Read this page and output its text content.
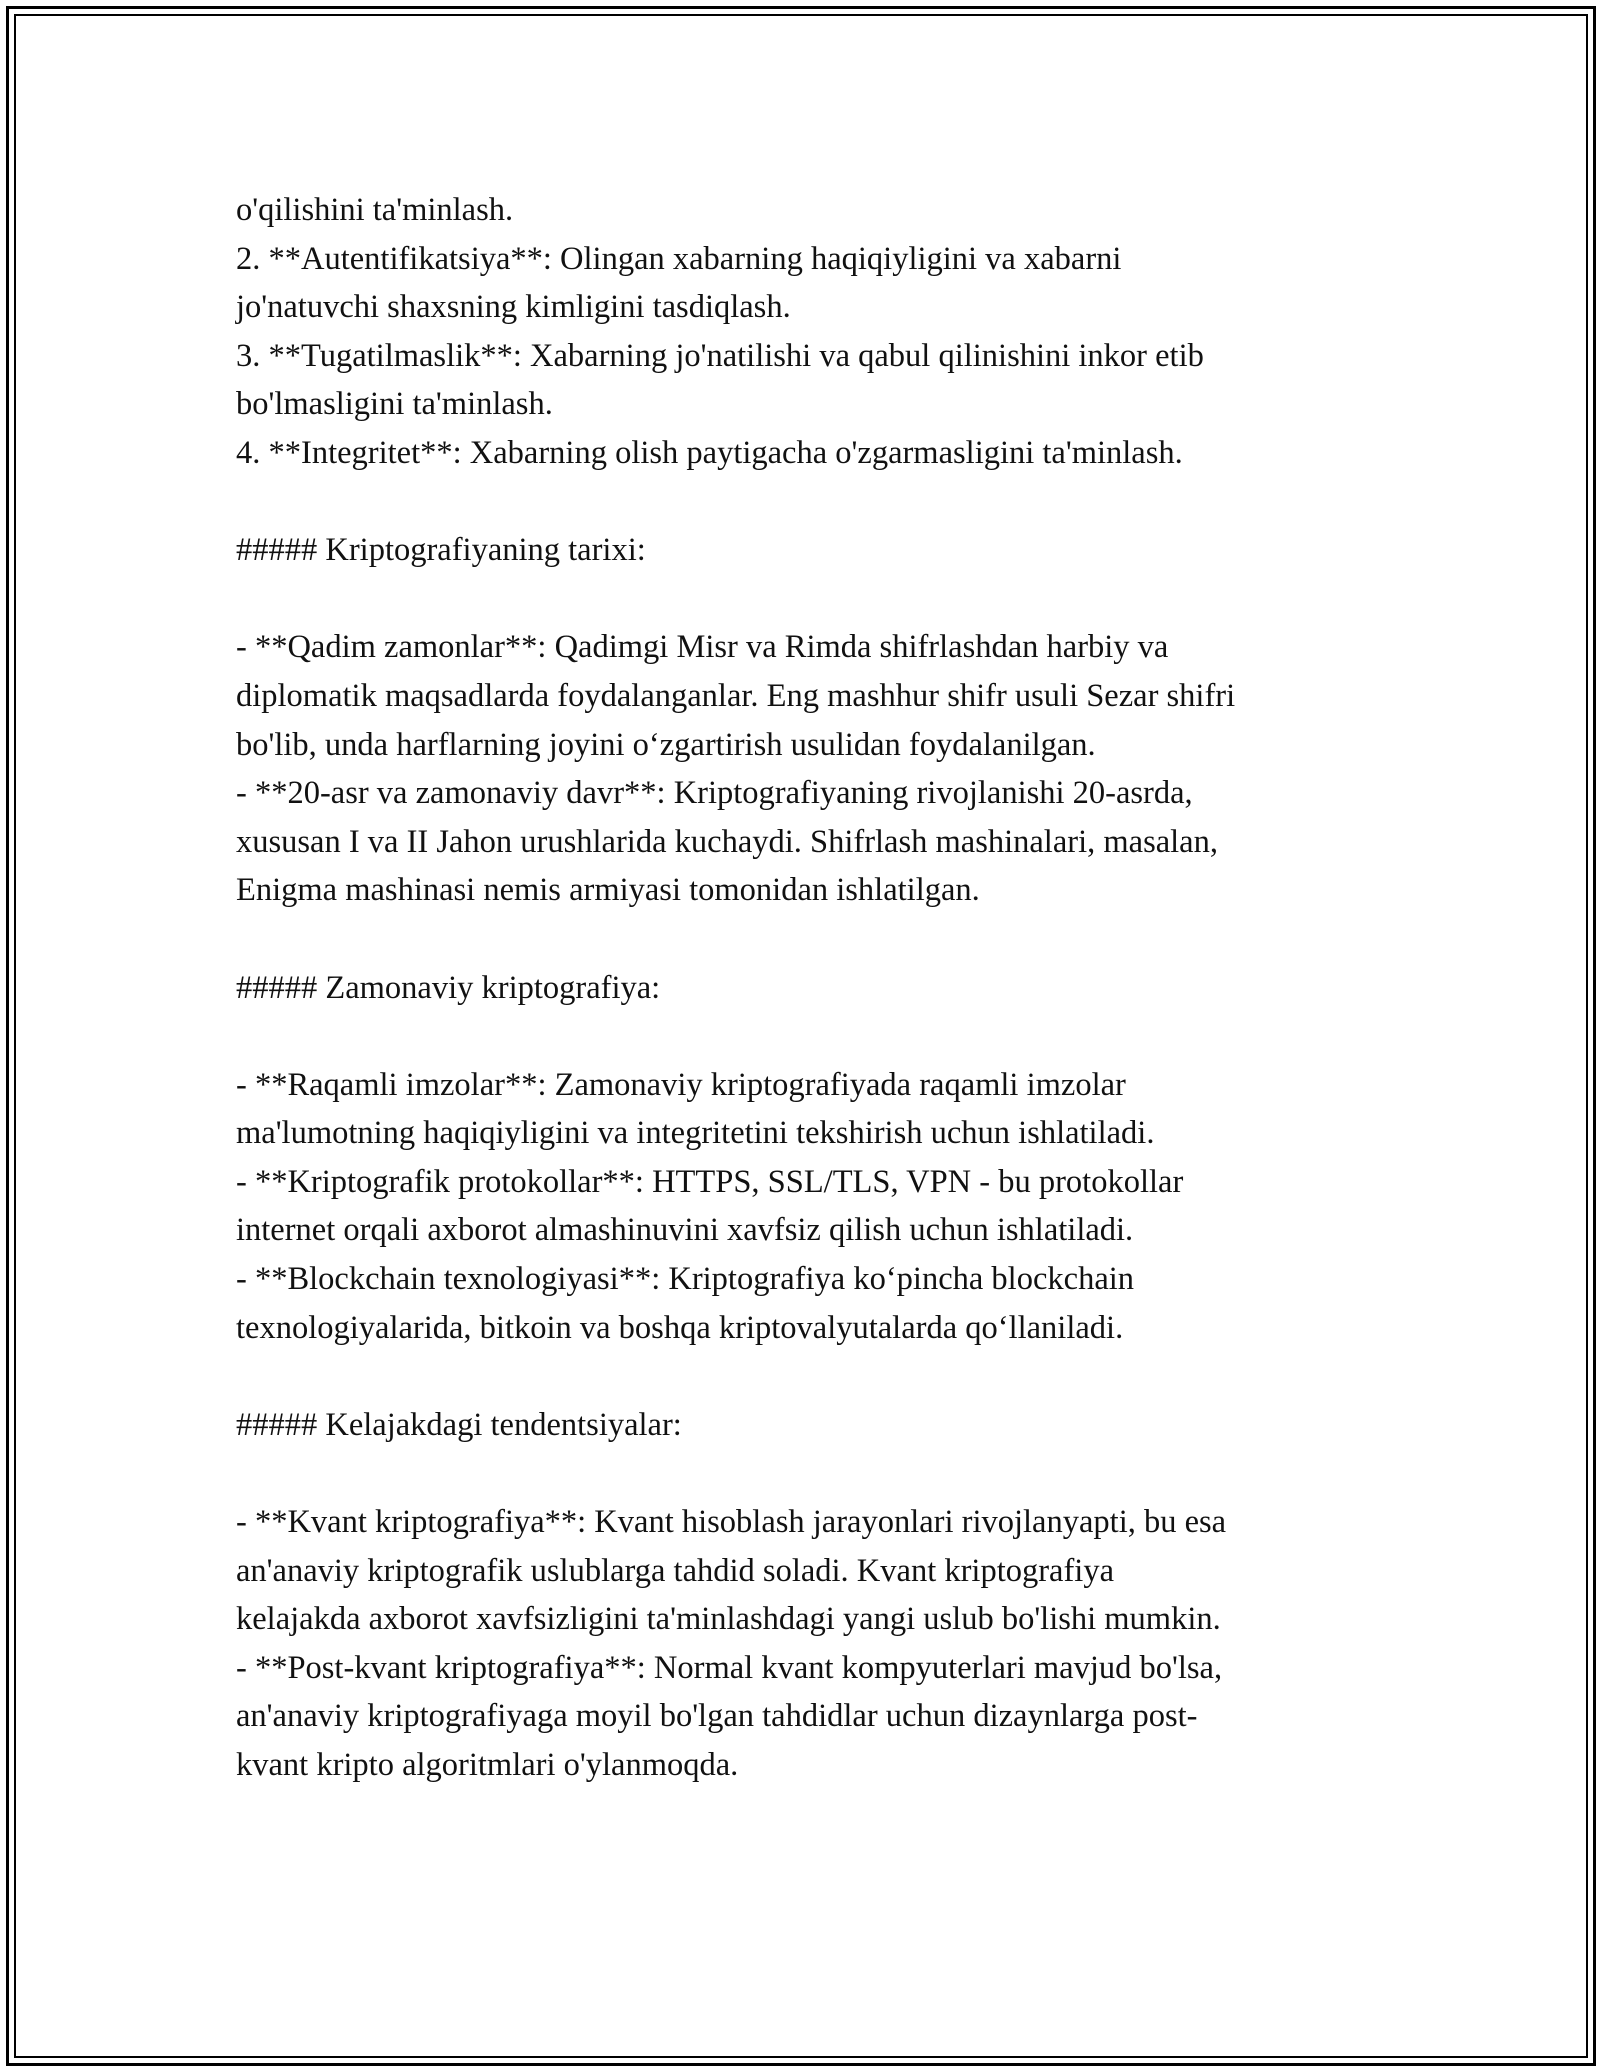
o'qilishini ta'minlash.
2. **Autentifikatsiya**: Olingan xabarning haqiqiyligini va xabarni
jo'natuvchi shaxsning kimligini tasdiqlash.
3. **Tugatilmaslik**: Xabarning jo'natilishi va qabul qilinishini inkor etib
bo'lmasligini ta'minlash.
4. **Integritet**: Xabarning olish paytigacha o'zgarmasligini ta'minlash.
##### Kriptografiyaning tarixi:
- **Qadim zamonlar**: Qadimgi Misr va Rimda shifrlashdan harbiy va
diplomatik maqsadlarda foydalanganlar. Eng mashhur shifr usuli Sezar shifri
bo'lib, unda harflarning joyini o‘zgartirish usulidan foydalanilgan.
- **20-asr va zamonaviy davr**: Kriptografiyaning rivojlanishi 20-asrda,
xususan I va II Jahon urushlarida kuchaydi. Shifrlash mashinalari, masalan,
Enigma mashinasi nemis armiyasi tomonidan ishlatilgan.
##### Zamonaviy kriptografiya:
- **Raqamli imzolar**: Zamonaviy kriptografiyada raqamli imzolar
ma'lumotning haqiqiyligini va integritetini tekshirish uchun ishlatiladi.
- **Kriptografik protokollar**: HTTPS, SSL/TLS, VPN - bu protokollar
internet orqali axborot almashinuvini xavfsiz qilish uchun ishlatiladi.
- **Blockchain texnologiyasi**: Kriptografiya ko‘pincha blockchain
texnologiyalarida, bitkoin va boshqa kriptovalyutalarda qo‘llaniladi.
##### Kelajakdagi tendentsiyalar:
- **Kvant kriptografiya**: Kvant hisoblash jarayonlari rivojlanyapti, bu esa
an'anaviy kriptografik uslublarga tahdid soladi. Kvant kriptografiya
kelajakda axborot xavfsizligini ta'minlashdagi yangi uslub bo'lishi mumkin.
- **Post-kvant kriptografiya**: Normal kvant kompyuterlari mavjud bo'lsa,
an'anaviy kriptografiyaga moyil bo'lgan tahdidlar uchun dizaynlarga post-
kvant kripto algoritmlari o'ylanmoqda.
